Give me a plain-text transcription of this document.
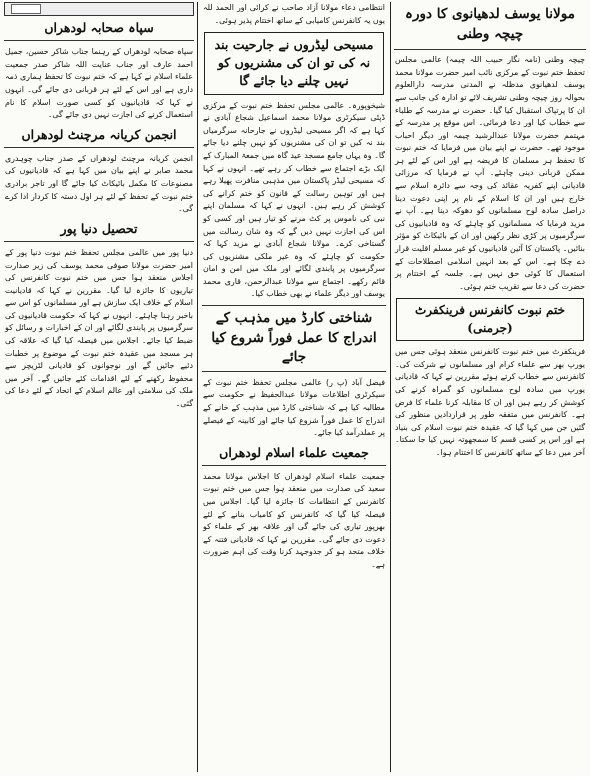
مولانا یوسف لدھیانوی کا دورہ چیچہ وطنی
چیچہ وطنی (نامہ نگار حبیب اللہ چیمہ) عالمی مجلس تحفظ ختم نبوت کے مرکزی نائب امیر حضرت مولانا محمد یوسف لدھیانوی مدظلہ نے المدنی مدرسہ دارالعلوم بحوالہ روز چیچہ وطنی تشریف لائے تو ادارہ کی جانب سے ان کا پرتپاک استقبال کیا گیا۔ حضرت نے مدرسہ کے طلباء سے خطاب کیا اور دعا فرمائی۔ اس موقع پر مدرسہ کے مہتمم حضرت مولانا عبدالرشید چیمہ اور دیگر احباب موجود تھے۔ حضرت نے اپنے بیان میں فرمایا کہ ختم نبوت کا تحفظ ہر مسلمان کا فریضہ ہے اور اس کے لئے ہر ممکن قربانی دینی چاہئے۔ آپ نے فرمایا کہ مرزائی قادیانی اپنے کفریہ عقائد کی وجہ سے دائرہ اسلام سے خارج ہیں اور ان کا اسلام کے نام پر اپنی دعوت دینا دراصل سادہ لوح مسلمانوں کو دھوکہ دینا ہے۔ آپ نے مزید فرمایا کہ مسلمانوں کو چاہئے کہ وہ قادیانیوں کی سرگرمیوں پر کڑی نظر رکھیں اور ان کے بائیکاٹ کو مؤثر بنائیں۔ پاکستان کا آئین قادیانیوں کو غیر مسلم اقلیت قرار دے چکا ہے۔ اس کے بعد انہیں اسلامی اصطلاحات کے استعمال کا کوئی حق نہیں ہے۔ جلسہ کے اختتام پر حضرت کی دعا سے تقریب ختم ہوئی۔
ختم نبوت کانفرنس فرینکفرٹ (جرمنی)
فرینکفرٹ میں ختم نبوت کانفرنس منعقد ہوئی جس میں یورپ بھر سے علماء کرام اور مسلمانوں نے شرکت کی۔ کانفرنس سے خطاب کرتے ہوئے مقررین نے کہا کہ قادیانی یورپ میں سادہ لوح مسلمانوں کو گمراہ کرنے کی کوشش کر رہے ہیں اور ان کا مقابلہ کرنا علماء کا فرض ہے۔ کانفرنس میں متفقہ طور پر قراردادیں منظور کی گئیں جن میں کہا گیا کہ عقیدہ ختم نبوت اسلام کی بنیاد ہے اور اس پر کسی قسم کا سمجھوتہ نہیں کیا جا سکتا۔ آخر میں دعا کے ساتھ کانفرنس کا اختتام ہوا۔
انتظامی دعاء مولانا آزاد صاحب نے کرائی اور الحمد للہ یوں یہ کانفرنس کامیابی کے ساتھ اختتام پذیر ہوئی۔
مسیحی لیڈروں نے جارحیت بند نہ کی تو ان کی مشنریوں کو نہیں چلنے دیا جائے گا
شیخوپورہ۔ عالمی مجلس تحفظ ختم نبوت کے مرکزی ڈپٹی سیکرٹری مولانا محمد اسماعیل شجاع آبادی نے کہا ہے کہ اگر مسیحی لیڈروں نے جارحانہ سرگرمیاں بند نہ کیں تو ان کی مشنریوں کو نہیں چلنے دیا جائے گا۔ وہ یہاں جامع مسجد عید گاہ میں جمعۃ المبارک کے ایک بڑے اجتماع سے خطاب کر رہے تھے۔ انہوں نے کہا کہ مسیحی لیڈر پاکستان میں مذہبی منافرت پھیلا رہے ہیں اور توہین رسالت کے قانون کو ختم کرانے کی کوشش کر رہے ہیں۔ انہوں نے کہا کہ مسلمان اپنے نبی کی ناموس پر کٹ مرنے کو تیار ہیں اور کسی کو اس کی اجازت نہیں دیں گے کہ وہ شان رسالت میں گستاخی کرے۔ مولانا شجاع آبادی نے مزید کہا کہ حکومت کو چاہئے کہ وہ غیر ملکی مشنریوں کی سرگرمیوں پر پابندی لگائے اور ملک میں امن و امان قائم رکھے۔ اجتماع سے مولانا عبدالرحمن، قاری محمد یوسف اور دیگر علماء نے بھی خطاب کیا۔
شناختی کارڈ میں مذہب کے اندراج کا عمل فوراً شروع کیا جائے
فیصل آباد (پ ر) عالمی مجلس تحفظ ختم نبوت کے سیکرٹری اطلاعات مولانا عبدالحفیظ نے حکومت سے مطالبہ کیا ہے کہ شناختی کارڈ میں مذہب کے خانے کے اندراج کا عمل فوراً شروع کیا جائے اور کابینہ کے فیصلے پر عملدرآمد کیا جائے۔
جمعیت علماء اسلام لودھراں
جمعیت علماء اسلام لودھراں کا اجلاس مولانا محمد سعید کی صدارت میں منعقد ہوا جس میں ختم نبوت کانفرنس کے انتظامات کا جائزہ لیا گیا۔ اجلاس میں فیصلہ کیا گیا کہ کانفرنس کو کامیاب بنانے کے لئے بھرپور تیاری کی جائے گی اور علاقہ بھر کے علماء کو دعوت دی جائے گی۔ مقررین نے کہا کہ قادیانی فتنہ کے خلاف متحد ہو کر جدوجہد کرنا وقت کی اہم ضرورت ہے۔
سپاہ صحابہ لودھراں
سپاہ صحابہ لودھراں کے رہنما جناب شاکر حسین، جمیل احمد عارف اور جناب عنایت اللہ شاکر صدر جمعیت علماء اسلام نے کہا ہے کہ ختم نبوت کا تحفظ ہماری ذمہ داری ہے اور اس کے لئے ہر قربانی دی جائے گی۔ انہوں نے کہا کہ قادیانیوں کو کسی صورت اسلام کا نام استعمال کرنے کی اجازت نہیں دی جائے گی۔
انجمن کریانہ مرچنٹ لودھراں
انجمن کریانہ مرچنٹ لودھراں کے صدر جناب چوہدری محمد صابر نے اپنے بیان میں کہا ہے کہ قادیانیوں کی مصنوعات کا مکمل بائیکاٹ کیا جائے گا اور تاجر برادری ختم نبوت کے تحفظ کے لئے ہر اول دستہ کا کردار ادا کرے گی۔
تحصیل دنیا پور
دنیا پور میں عالمی مجلس تحفظ ختم نبوت دنیا پور کے امیر حضرت مولانا صوفی محمد یوسف کی زیر صدارت اجلاس منعقد ہوا جس میں ختم نبوت کانفرنس کی تیاریوں کا جائزہ لیا گیا۔ مقررین نے کہا کہ قادیانیت اسلام کے خلاف ایک سازش ہے اور مسلمانوں کو اس سے باخبر رہنا چاہئے۔ انہوں نے کہا کہ حکومت قادیانیوں کی سرگرمیوں پر پابندی لگائے اور ان کے اخبارات و رسائل کو ضبط کیا جائے۔ اجلاس میں فیصلہ کیا گیا کہ علاقہ کی ہر مسجد میں عقیدہ ختم نبوت کے موضوع پر خطبات دئیے جائیں گے اور نوجوانوں کو قادیانی لٹریچر سے محفوظ رکھنے کے لئے اقدامات کئے جائیں گے۔ آخر میں ملک کی سلامتی اور عالم اسلام کے اتحاد کے لئے دعا کی گئی۔
